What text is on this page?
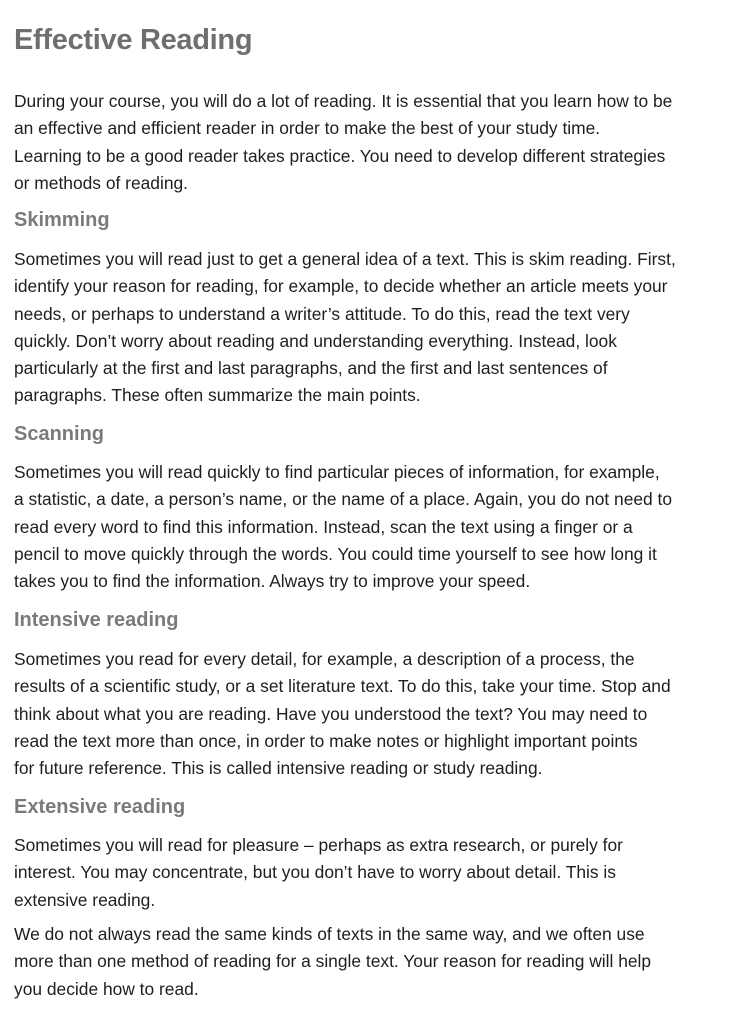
Effective Reading

During your course, you will do a lot of reading. It is essential that you learn how to be
an effective and efficient reader in order to make the best of your study time.
Learning to be a good reader takes practice. You need to develop different strategies
or methods of reading.

Skimming

Sometimes you will read just to get a general idea of a text. This is skim reading. First,
identify your reason for reading, for example, to decide whether an article meets your
needs, or perhaps to understand a writer’s attitude. To do this, read the text very
quickly. Don’t worry about reading and understanding everything. Instead, look
particularly at the first and last paragraphs, and the first and last sentences of
paragraphs. These often summarize the main points.

Scanning

Sometimes you will read quickly to find particular pieces of information, for example,
a statistic, a date, a person’s name, or the name of a place. Again, you do not need to
read every word to find this information. Instead, scan the text using a finger or a
pencil to move quickly through the words. You could time yourself to see how long it
takes you to find the information. Always try to improve your speed.

Intensive reading

Sometimes you read for every detail, for example, a description of a process, the
results of a scientific study, or a set literature text. To do this, take your time. Stop and
think about what you are reading. Have you understood the text? You may need to
read the text more than once, in order to make notes or highlight important points
for future reference. This is called intensive reading or study reading.

Extensive reading

Sometimes you will read for pleasure – perhaps as extra research, or purely for
interest. You may concentrate, but you don’t have to worry about detail. This is
extensive reading.

We do not always read the same kinds of texts in the same way, and we often use
more than one method of reading for a single text. Your reason for reading will help
you decide how to read.
